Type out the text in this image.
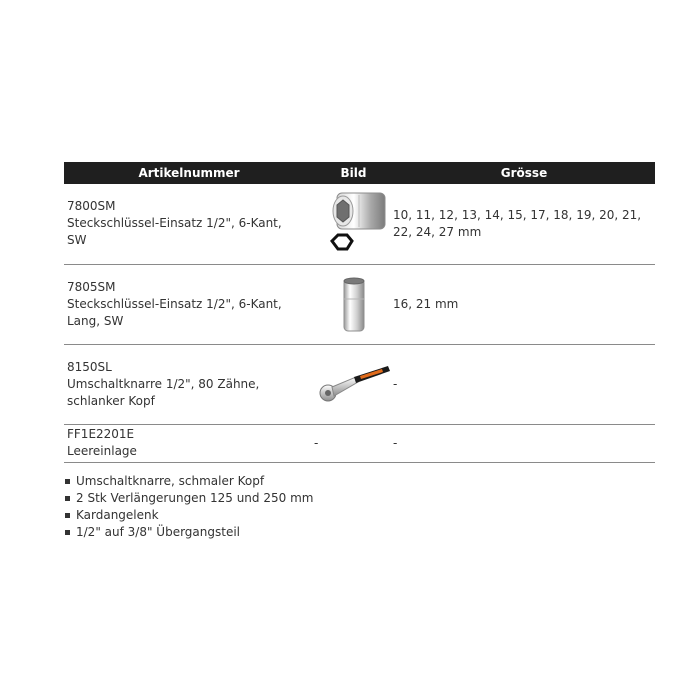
Artikelnummer	Bild	Grösse

7800SM
Steckschlüssel-Einsatz 1/2", 6-Kant,
SW		10, 11, 12, 13, 14, 15, 17, 18, 19, 20, 21,
22, 24, 27 mm

7805SM
Steckschlüssel-Einsatz 1/2", 6-Kant,
Lang, SW		16, 21 mm

8150SL
Umschaltknarre 1/2", 80 Zähne,
schlanker Kopf		-

FF1E2201E
Leereinlage	-	-
Umschaltknarre, schmaler Kopf
2 Stk Verlängerungen 125 und 250 mm
Kardangelenk
1/2" auf 3/8" Übergangsteil
